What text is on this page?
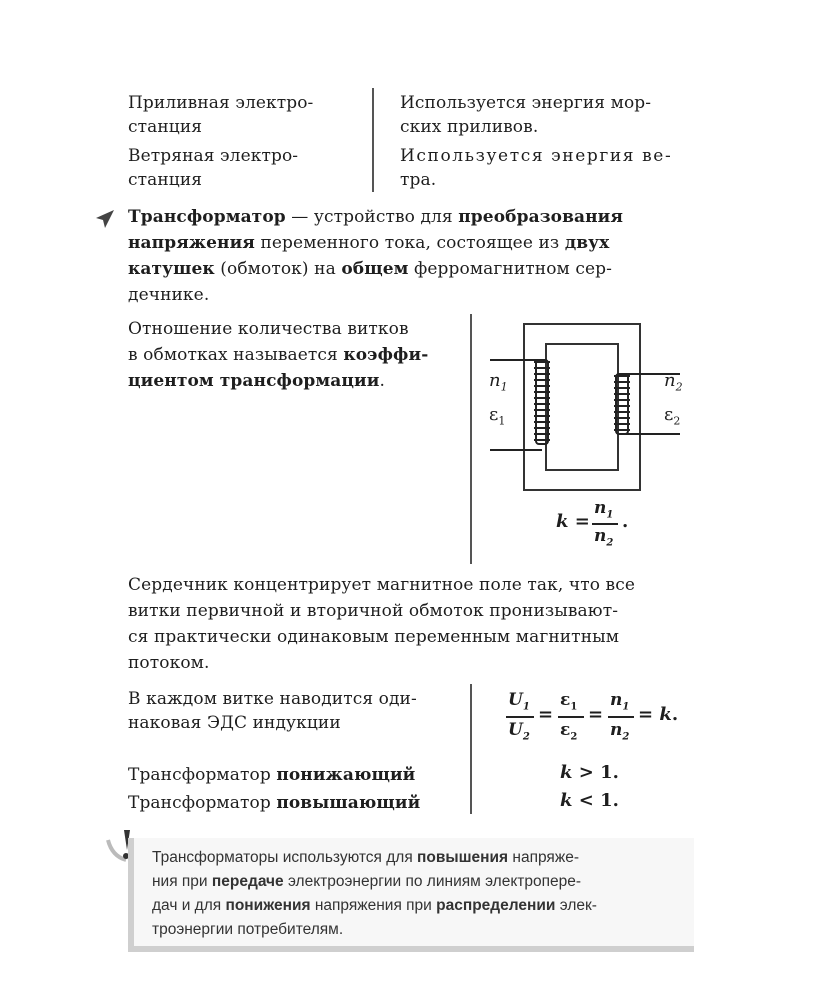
Приливная электро-
станция
Используется энергия мор-
ских приливов.
Ветряная электро-
станция
Используется энергия ве-
тра.
Трансформатор — устройство для преобразования
напряжения переменного тока, состоящее из двух
катушек (обмоток) на общем ферромагнитном сер-
дечнике.
Отношение количества витков
в обмотках называется коэффи-
циентом трансформации.	$n_1$
$\varepsilon_1$
$n_2$
$\varepsilon_2$
k =
$n_1$
$n_2$
.
Сердечник концентрирует магнитное поле так, что все
витки первичной и вторичной обмоток пронизывают-
ся практически одинаковым переменным магнитным
потоком.
В каждом витке наводится оди-
наковая ЭДС индукции
$U_1$
$U_2$
=
$\varepsilon_1$
$\varepsilon_2$
=
$n_1$
$n_2$
= k.
Трансформатор понижающий
Трансформатор повышающий
k > 1.
k < 1.
Трансформаторы используются для повышения напряже-
ния при передаче электроэнергии по линиям электропере-
дач и для понижения напряжения при распределении элек-
троэнергии потребителям.
